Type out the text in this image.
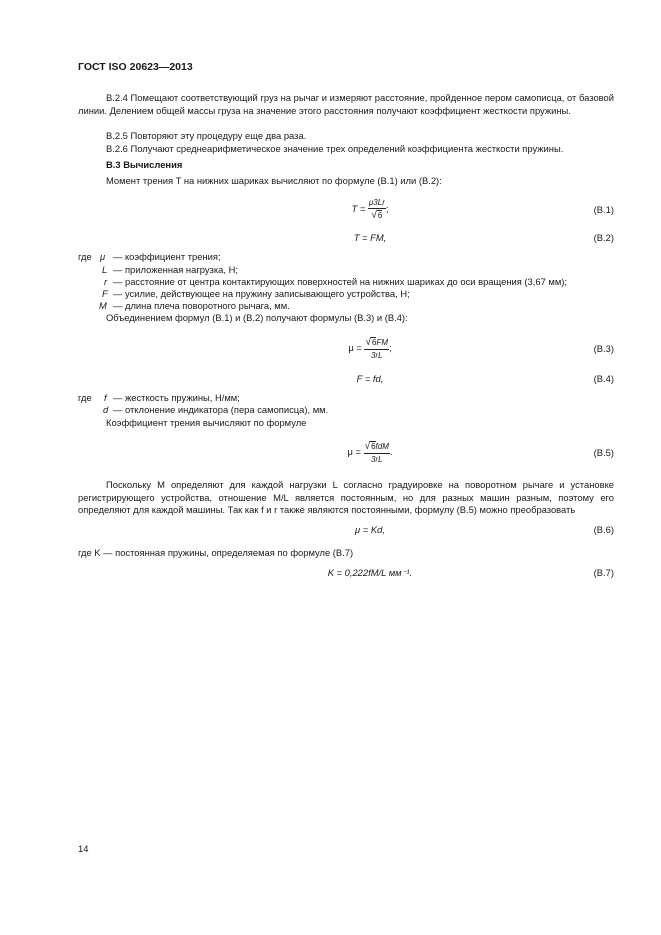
ГОСТ ISO 20623—2013
В.2.4 Помещают соответствующий груз на рычаг и измеряют расстояние, пройденное пером самописца, от базовой линии. Делением общей массы груза на значение этого расстояния получают коэффициент жесткости пружины.
В.2.5 Повторяют эту процедуру еще два раза.
В.2.6 Получают среднеарифметическое значение трех определений коэффициента жесткости пружины.
В.3 Вычисления
Момент трения T на нижних шариках вычисляют по формуле (В.1) или (В.2):
$T = \frac{\mu 3Lr}{√6}$ ;	(В.1)
T = FM,	(В.2)
где μ — коэффициент трения;
L — приложенная нагрузка, Н;
r — расстояние от центра контактирующих поверхностей на нижних шариках до оси вращения (3,67 мм);
F — усилие, действующее на пружину записывающего устройства, Н;
M — длина плеча поворотного рычага, мм.
Объединением формул (В.1) и (В.2) получают формулы (В.3) и (В.4):
$\mu = \frac{√6FM}{3rL}$ ;	(В.3)
F = fd,	(В.4)
где f — жесткость пружины, Н/мм;
d — отклонение индикатора (пера самописца), мм.
Коэффициент трения вычисляют по формуле
$\mu = \frac{\text{√6fdM}}{3rL}$ .	(В.5)
Поскольку M определяют для каждой нагрузки L согласно градуировке на поворотном рычаге и установке регистрирующего устройства, отношение M/L является постоянным, но для разных машин разным, поэтому его определяют для каждой машины. Так как f и r также являются постоянными, формулу (В.5) можно преобразовать
μ = Kd,	(В.6)
где K — постоянная пружины, определяемая по формуле (В.7)
K = 0,222fM/L мм⁻¹.	(В.7)
14
